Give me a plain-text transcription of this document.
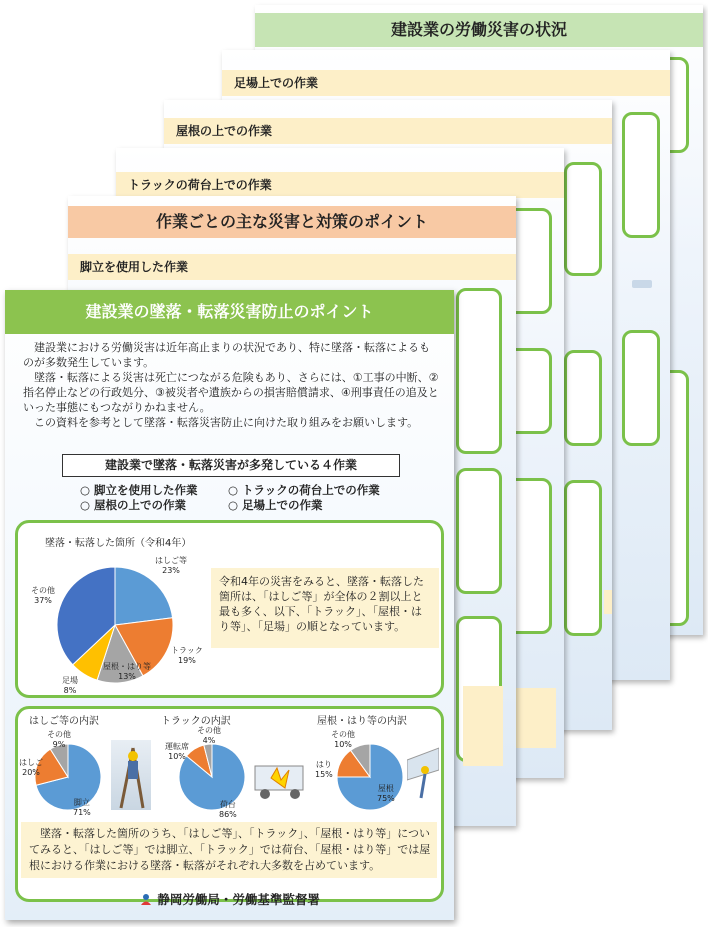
建設業の労働災害の状況
足場上での作業
屋根の上での作業
トラックの荷台上での作業
作業ごとの主な災害と対策のポイント
脚立を使用した作業
建設業の墜落・転落災害防止のポイント

建設業における労働災害は近年高止まりの状況であり、特に墜落・転落によるものが多数発生しています。

墜落・転落による災害は死亡につながる危険もあり、さらには、①工事の中断、②指名停止などの行政処分、③被災者や遺族からの損害賠償請求、④刑事責任の追及といった事態にもつながりかねません。

この資料を参考として墜落・転落災害防止に向けた取り組みをお願いします。

建設業で墜落・転落災害が多発している４作業
○ 脚立を使用した作業	○ トラックの荷台上での作業
○ 屋根の上での作業	○ 足場上での作業
墜落・転落した箇所（令和4年）
はしご等
23%
トラック
19%
屋根・はり等
13%
足場
8%
その他
37%
令和4年の災害をみると、墜落・転落した箇所は、「はしご等」が全体の２割以上と最も多く、以下、「トラック」、「屋根・はり等」、「足場」の順となっています。
はしご等の内訳	トラックの内訳	屋根・はり等の内訳
その他
9%
はしご
20%
脚立
71%
その他
4%
運転席
10%
荷台
86%
その他
10%
はり
15%
屋根
75%

墜落・転落した箇所のうち、「はしご等」、「トラック」、「屋根・はり等」についてみると、「はしご等」では脚立、「トラック」では荷台、「屋根・はり等」では屋根における作業における墜落・転落がそれぞれ大多数を占めています。

静岡労働局・労働基準監督署
